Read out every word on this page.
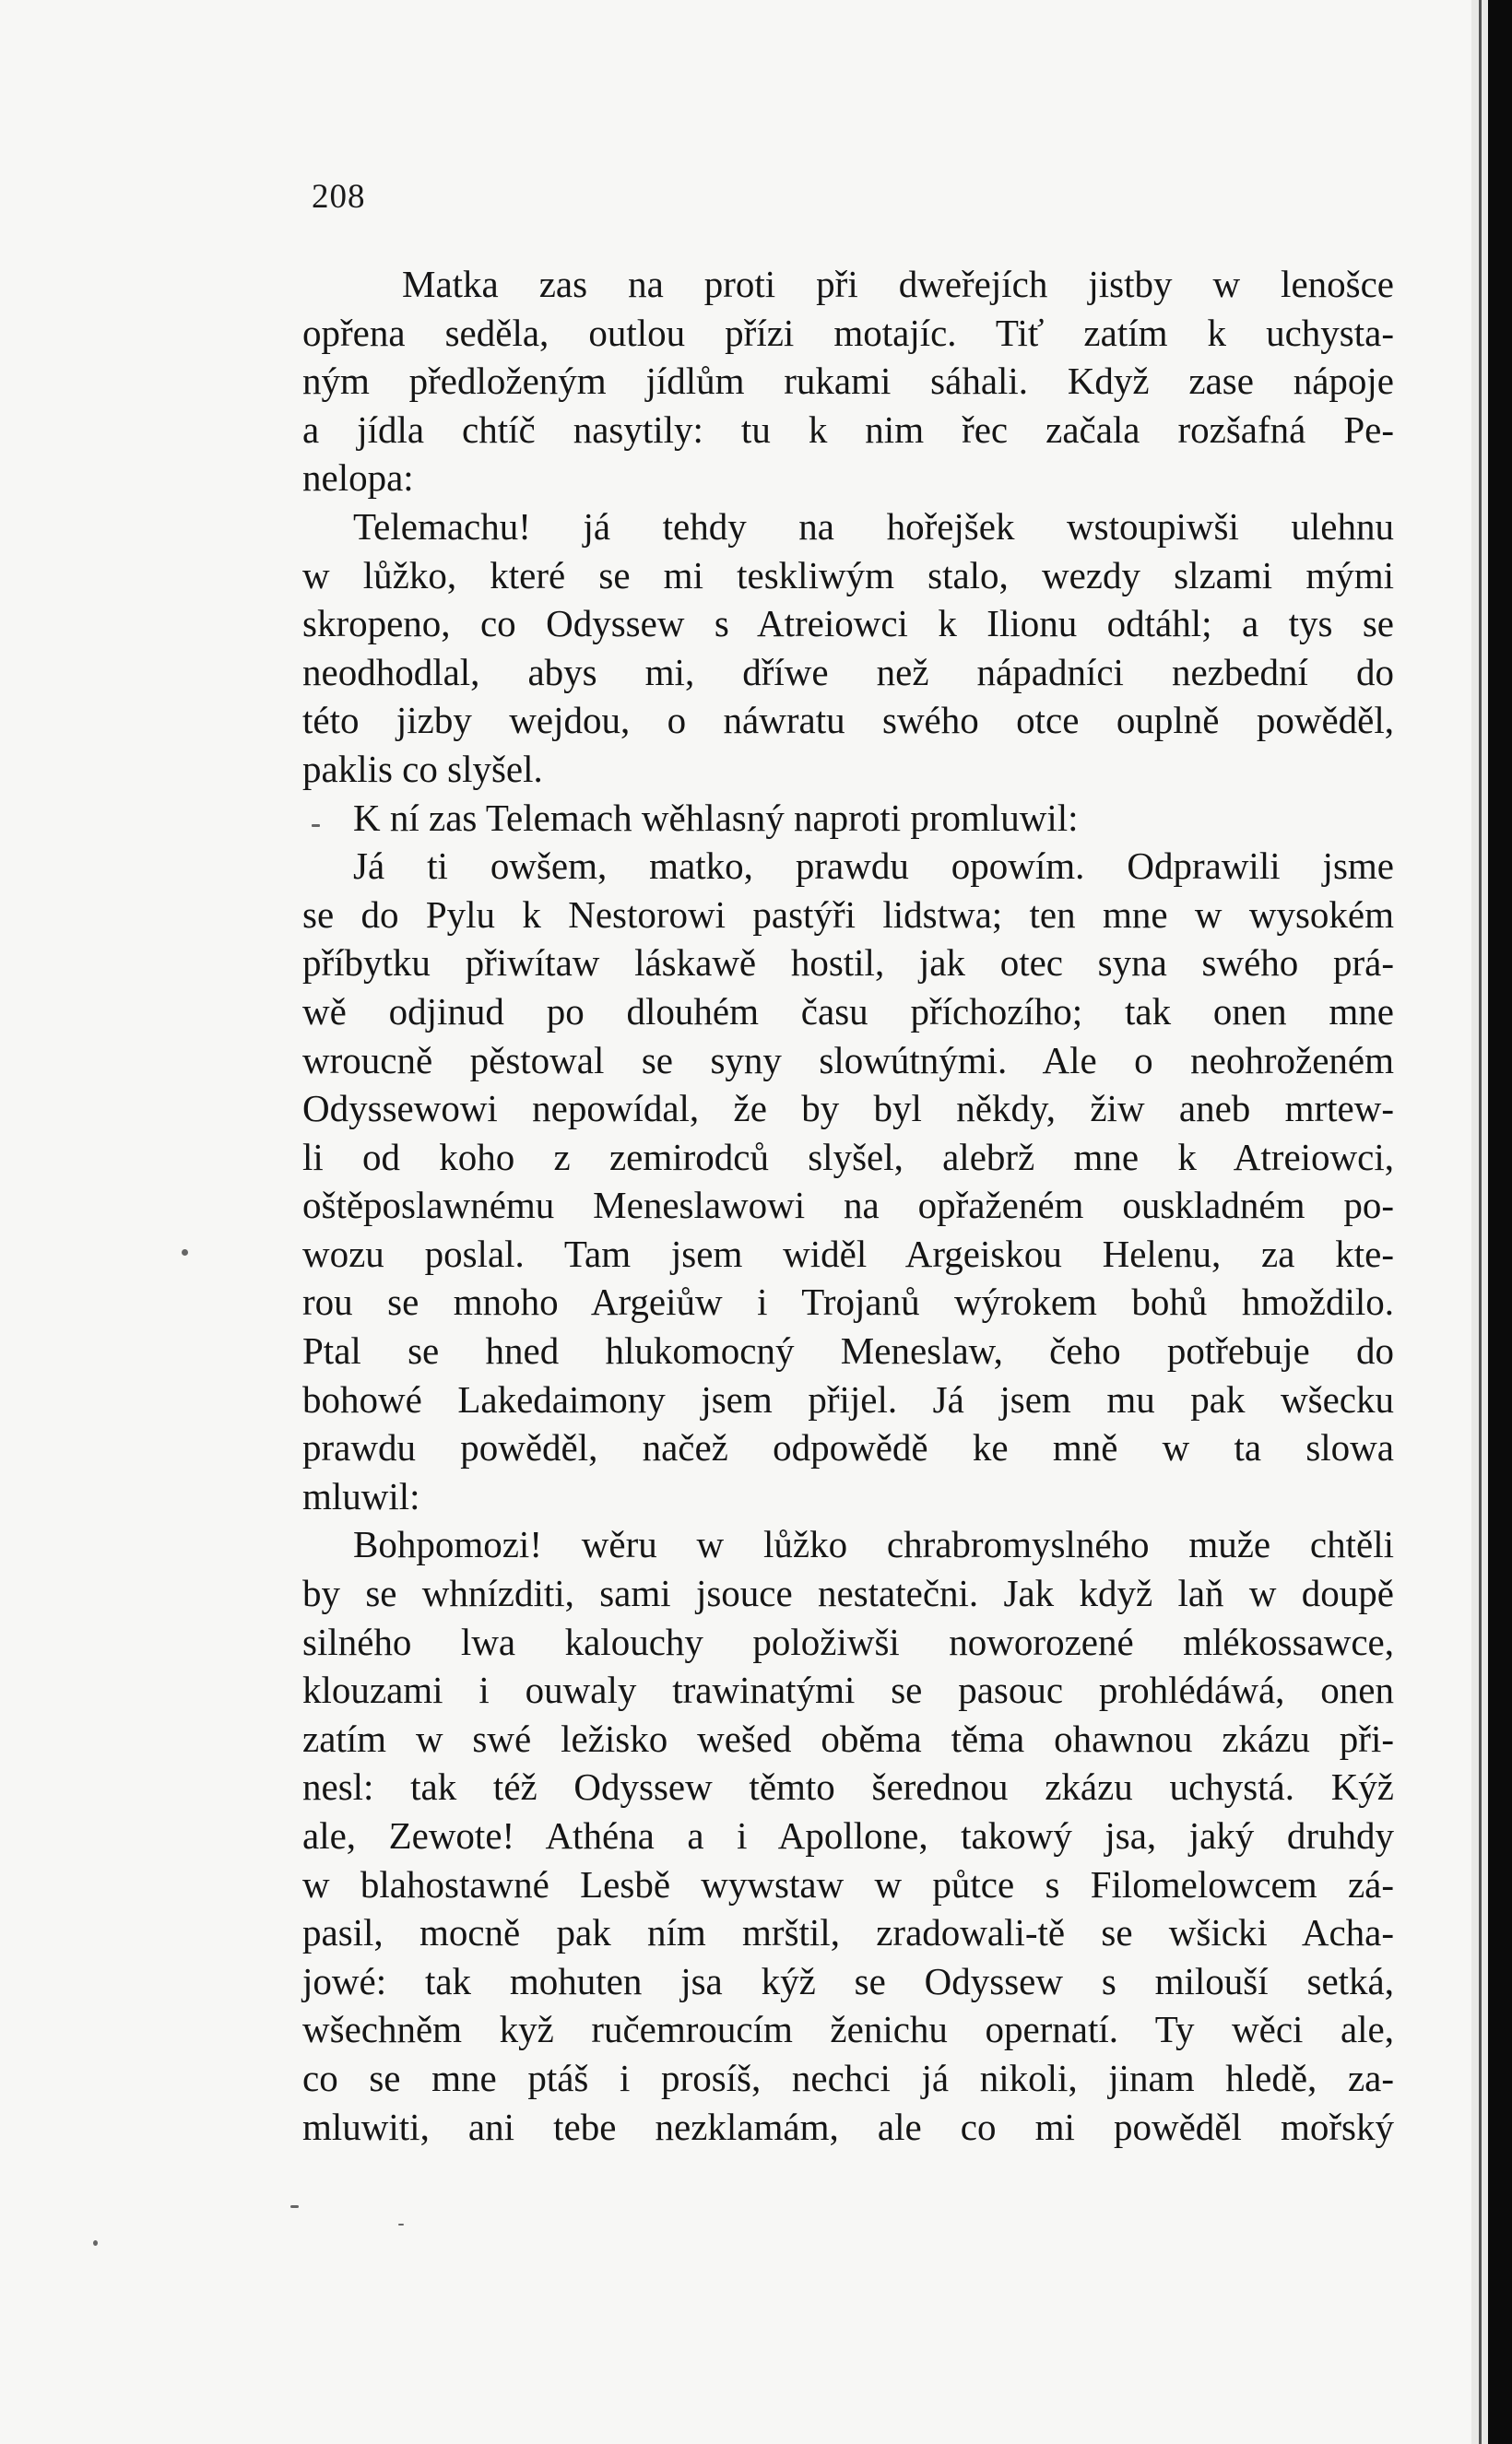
208
Matka zas na proti při dweřejích jistby w lenošce
opřena seděla, outlou přízi motajíc. Tiť zatím k uchysta-
ným předloženým jídlům rukami sáhali. Když zase nápoje
a jídla chtíč nasytily: tu k nim řec začala rozšafná Pe-
nelopa:
Telemachu! já tehdy na hořejšek wstoupiwši ulehnu
w lůžko, které se mi teskliwým stalo, wezdy slzami mými
skropeno, co Odyssew s Atreiowci k Ilionu odtáhl; a tys se
neodhodlal, abys mi, dříwe než nápadníci nezbední do
této jizby wejdou, o náwratu swého otce ouplně powěděl,
paklis co slyšel.
K ní zas Telemach wěhlasný naproti promluwil:
Já ti owšem, matko, prawdu opowím. Odprawili jsme
se do Pylu k Nestorowi pastýři lidstwa; ten mne w wysokém
příbytku přiwítaw láskawě hostil, jak otec syna swého prá-
wě odjinud po dlouhém času příchozího; tak onen mne
wroucně pěstowal se syny slowútnými. Ale o neohroženém
Odyssewowi nepowídal, že by byl někdy, žiw aneb mrtew-
li od koho z zemirodců slyšel, alebrž mne k Atreiowci,
oštěposlawnému Meneslawowi na opřaženém ouskladném po-
wozu poslal. Tam jsem widěl Argeiskou Helenu, za kte-
rou se mnoho Argeiůw i Trojanů wýrokem bohů hmoždilo.
Ptal se hned hlukomocný Meneslaw, čeho potřebuje do
bohowé Lakedaimony jsem přijel. Já jsem mu pak wšecku
prawdu powěděl, načež odpowědě ke mně w ta slowa
mluwil:
Bohpomozi! wěru w lůžko chrabromyslného muže chtěli
by se whnízditi, sami jsouce nestatečni. Jak když laň w doupě
silného lwa kalouchy položiwši noworozené mlékossawce,
klouzami i ouwaly trawinatými se pasouc prohlédáwá, onen
zatím w swé ležisko wešed oběma těma ohawnou zkázu při-
nesl: tak též Odyssew těmto šerednou zkázu uchystá. Kýž
ale, Zewote! Athéna a i Apollone, takowý jsa, jaký druhdy
w blahostawné Lesbě wywstaw w půtce s Filomelowcem zá-
pasil, mocně pak ním mrštil, zradowali-tě se wšicki Acha-
jowé: tak mohuten jsa kýž se Odyssew s milouší setká,
wšechněm kyž ručemroucím ženichu opernatí. Ty wěci ale,
co se mne ptáš i prosíš, nechci já nikoli, jinam hledě, za-
mluwiti, ani tebe nezklamám, ale co mi powěděl mořský
